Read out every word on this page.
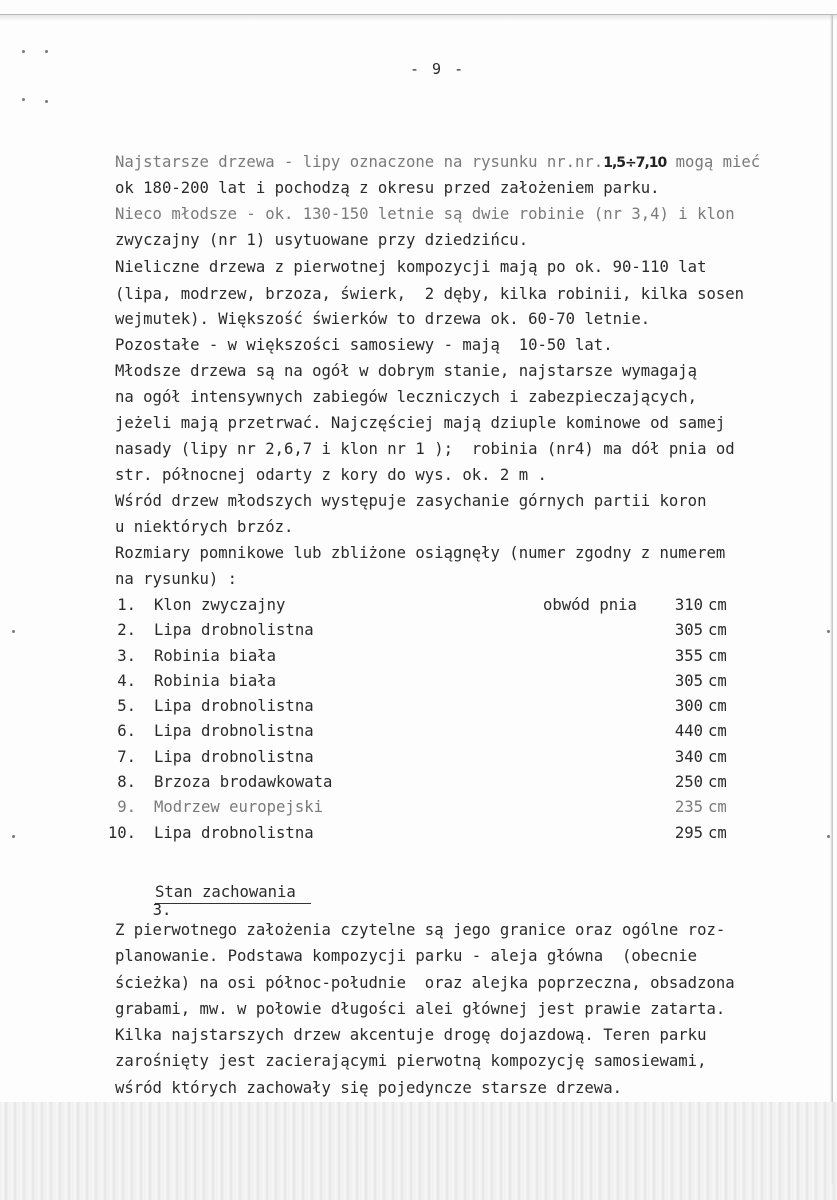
- 9 -
Najstarsze drzewa - lipy oznaczone na rysunku nr.nr.1,5÷7,10 mogą mieć
ok 180-200 lat i pochodzą z okresu przed założeniem parku.
Nieco młodsze - ok. 130-150 letnie są dwie robinie (nr 3,4) i klon
zwyczajny (nr 1) usytuowane przy dziedzińcu.
Nieliczne drzewa z pierwotnej kompozycji mają po ok. 90-110 lat
(lipa, modrzew, brzoza, świerk,  2 dęby, kilka robinii, kilka sosen
wejmutek). Większość świerków to drzewa ok. 60-70 letnie.
Pozostałe - w większości samosiewy - mają  10-50 lat.
Młodsze drzewa są na ogół w dobrym stanie, najstarsze wymagają
na ogół intensywnych zabiegów leczniczych i zabezpieczających,
jeżeli mają przetrwać. Najczęściej mają dziuple kominowe od samej
nasady (lipy nr 2,6,7 i klon nr 1 );  robinia (nr4) ma dół pnia od
str. północnej odarty z kory do wys. ok. 2 m .
Wśród drzew młodszych występuje zasychanie górnych partii koron
u niektórych brzóz.
Rozmiary pomnikowe lub zbliżone osiągnęły (numer zgodny z numerem
na rysunku) :
1. Klon zwyczajny	obwód pnia	310 cm
2. Lipa drobnolistna	305 cm
3. Robinia biała	355 cm
4. Robinia biała	305 cm
5. Lipa drobnolistna	300 cm
6. Lipa drobnolistna	440 cm
7. Lipa drobnolistna	340 cm
8. Brzoza brodawkowata	250 cm
9. Modrzew europejski	235 cm
10. Lipa drobnolistna	295 cm

3.

Stan zachowania

Z pierwotnego założenia czytelne są jego granice oraz ogólne roz-
planowanie. Podstawa kompozycji parku - aleja główna  (obecnie
ścieżka) na osi północ-południe  oraz alejka poprzeczna, obsadzona
grabami, mw. w połowie długości alei głównej jest prawie zatarta.
Kilka najstarszych drzew akcentuje drogę dojazdową. Teren parku
zarośnięty jest zacierającymi pierwotną kompozycję samosiewami,
wśród których zachowały się pojedyncze starsze drzewa.
